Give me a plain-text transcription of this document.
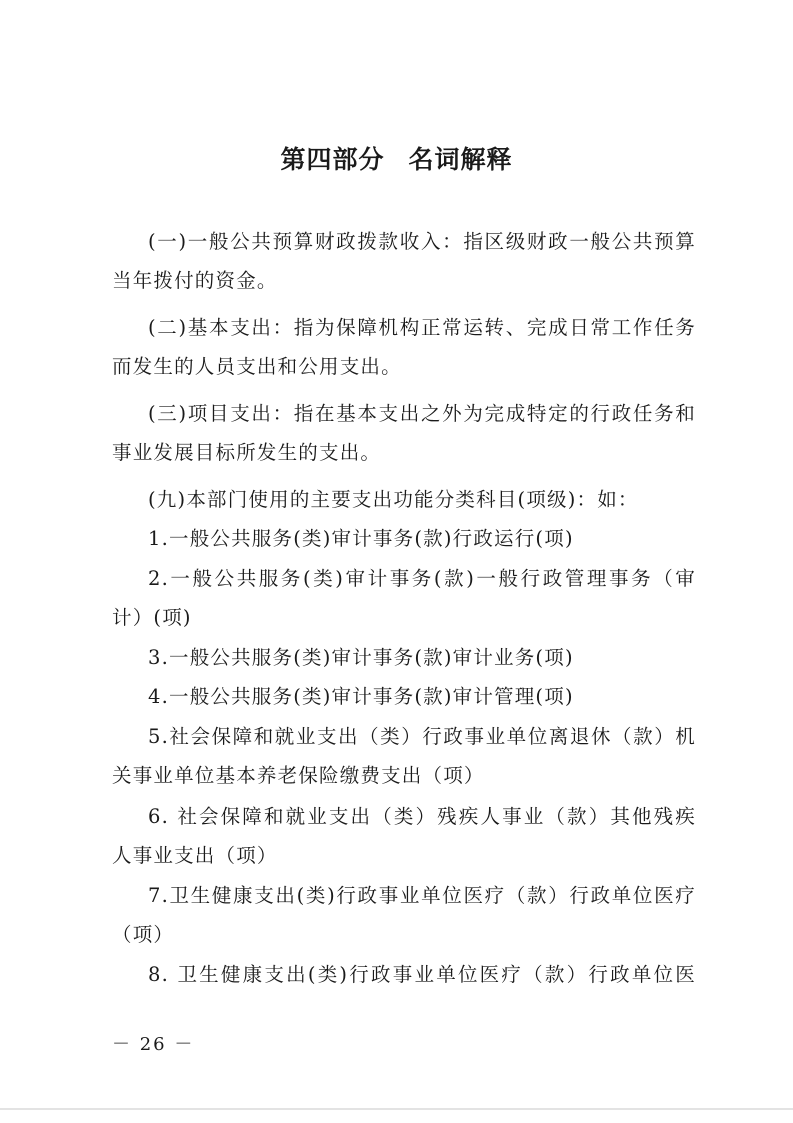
第四部分 名词解释
(一)一般公共预算财政拨款收入：指区级财政一般公共预算
当年拨付的资金。
(二)基本支出：指为保障机构正常运转、完成日常工作任务
而发生的人员支出和公用支出。
(三)项目支出：指在基本支出之外为完成特定的行政任务和
事业发展目标所发生的支出。
(九)本部门使用的主要支出功能分类科目(项级)：如：
1.一般公共服务(类)审计事务(款)行政运行(项)
2.一般公共服务(类)审计事务(款)一般行政管理事务（审
计）(项)
3.一般公共服务(类)审计事务(款)审计业务(项)
4.一般公共服务(类)审计事务(款)审计管理(项)
5.社会保障和就业支出（类）行政事业单位离退休（款）机
关事业单位基本养老保险缴费支出（项）
6. 社会保障和就业支出（类）残疾人事业（款）其他残疾
人事业支出（项）
7.卫生健康支出(类)行政事业单位医疗（款）行政单位医疗
（项）
8. 卫生健康支出(类)行政事业单位医疗（款）行政单位医
－ 26 －
